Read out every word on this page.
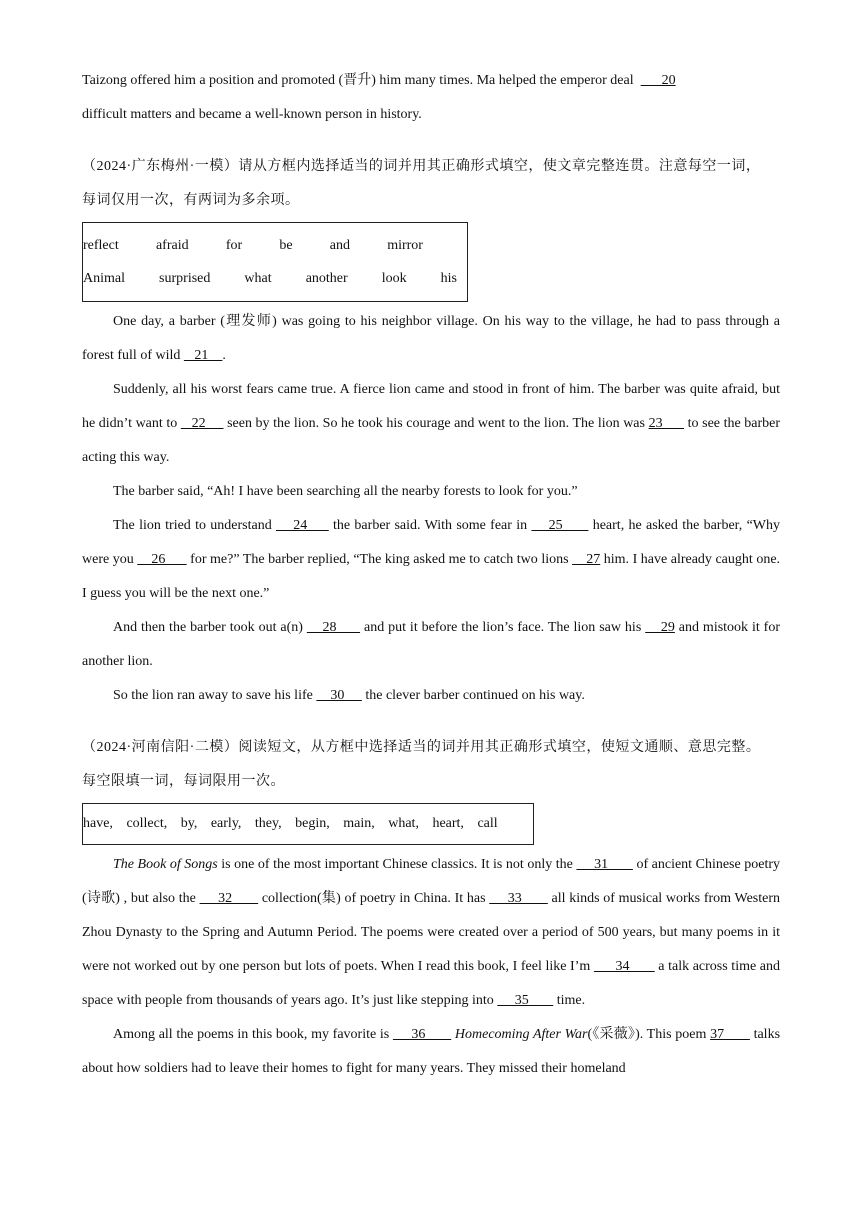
Taizong offered him a position and promoted (晋升) him many times. Ma helped the emperor deal        20
difficult matters and became a well-known person in history.

（2024·广东梅州·一模）请从方框内选择适当的词并用其正确形式填空，使文章完整连贯。注意每空一词，
每词仅用一次，有两词为多余项。

reflect	afraid	for	be	and	mirror
Animal surprised what another look his

One day, a barber (理发师) was going to his neighbor village. On his way to the village, he had to pass through a forest full of wild    21    .

Suddenly, all his worst fears came true. A fierce lion came and stood in front of him. The barber was quite afraid, but he didn’t want to    22      seen by the lion. So he took his courage and went to the lion. The lion was 23       to see the barber acting this way.

The barber said, “Ah! I have been searching all the nearby forests to look for you.”

The lion tried to understand     24      the barber said. With some fear in     25       heart, he asked the barber, “Why were you     26       for me?” The barber replied, “The king asked me to catch two lions     27 him. I have already caught one. I guess you will be the next one.”

And then the barber took out a(n)     28       and put it before the lion’s face. The lion saw his     29 and mistook it for another lion.

So the lion ran away to save his life     30      the clever barber continued on his way.

（2024·河南信阳·二模）阅读短文，从方框中选择适当的词并用其正确形式填空，使短文通顺、意思完整。
每空限填一词，每词限用一次。

have, collect, by, early, they, begin, main, what, heart, call

The Book of Songs is one of the most important Chinese classics. It is not only the      31        of ancient Chinese poetry (诗歌) , but also the      32        collection(集) of poetry in China. It has      33        all kinds of musical works from Western Zhou Dynasty to the Spring and Autumn Period. The poems were created over a period of 500 years, but many poems in it were not worked out by one person but lots of poets. When I read this book, I feel like I’m       34        a talk across time and space with people from thousands of years ago. It’s just like stepping into      35        time.

Among all the poems in this book, my favorite is      36        Homecoming After War(《采薇》). This poem 37        talks about how soldiers had to leave their homes to fight for many years. They missed their homeland
